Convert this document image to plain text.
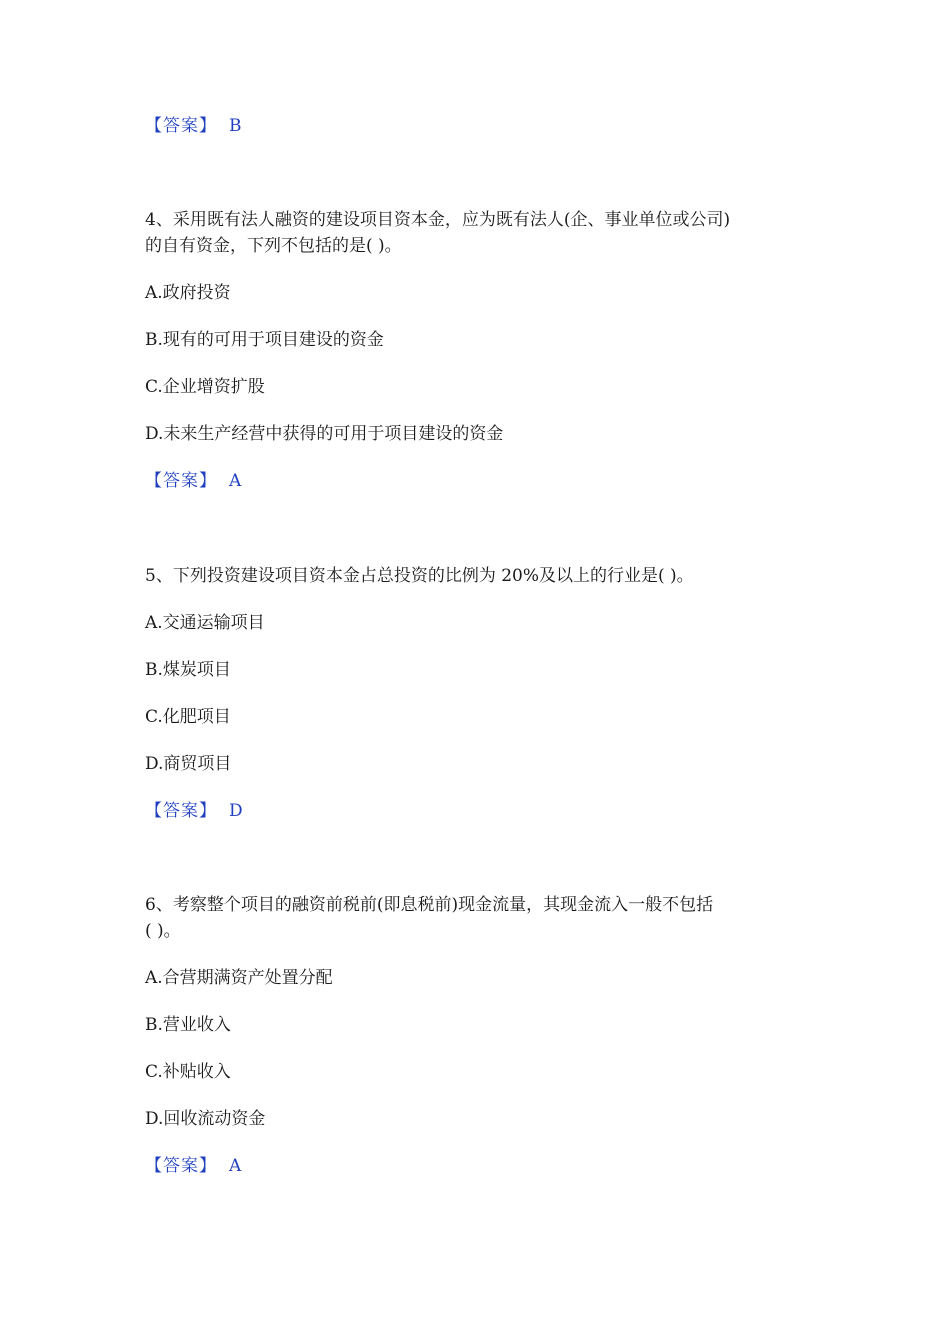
【答案】 B
4、采用既有法人融资的建设项目资本金，应为既有法人(企、事业单位或公司)
的自有资金，下列不包括的是( )。
A.政府投资
B.现有的可用于项目建设的资金
C.企业增资扩股
D.未来生产经营中获得的可用于项目建设的资金
【答案】 A
5、下列投资建设项目资本金占总投资的比例为 20%及以上的行业是( )。
A.交通运输项目
B.煤炭项目
C.化肥项目
D.商贸项目
【答案】 D
6、考察整个项目的融资前税前(即息税前)现金流量，其现金流入一般不包括
( )。
A.合营期满资产处置分配
B.营业收入
C.补贴收入
D.回收流动资金
【答案】 A
